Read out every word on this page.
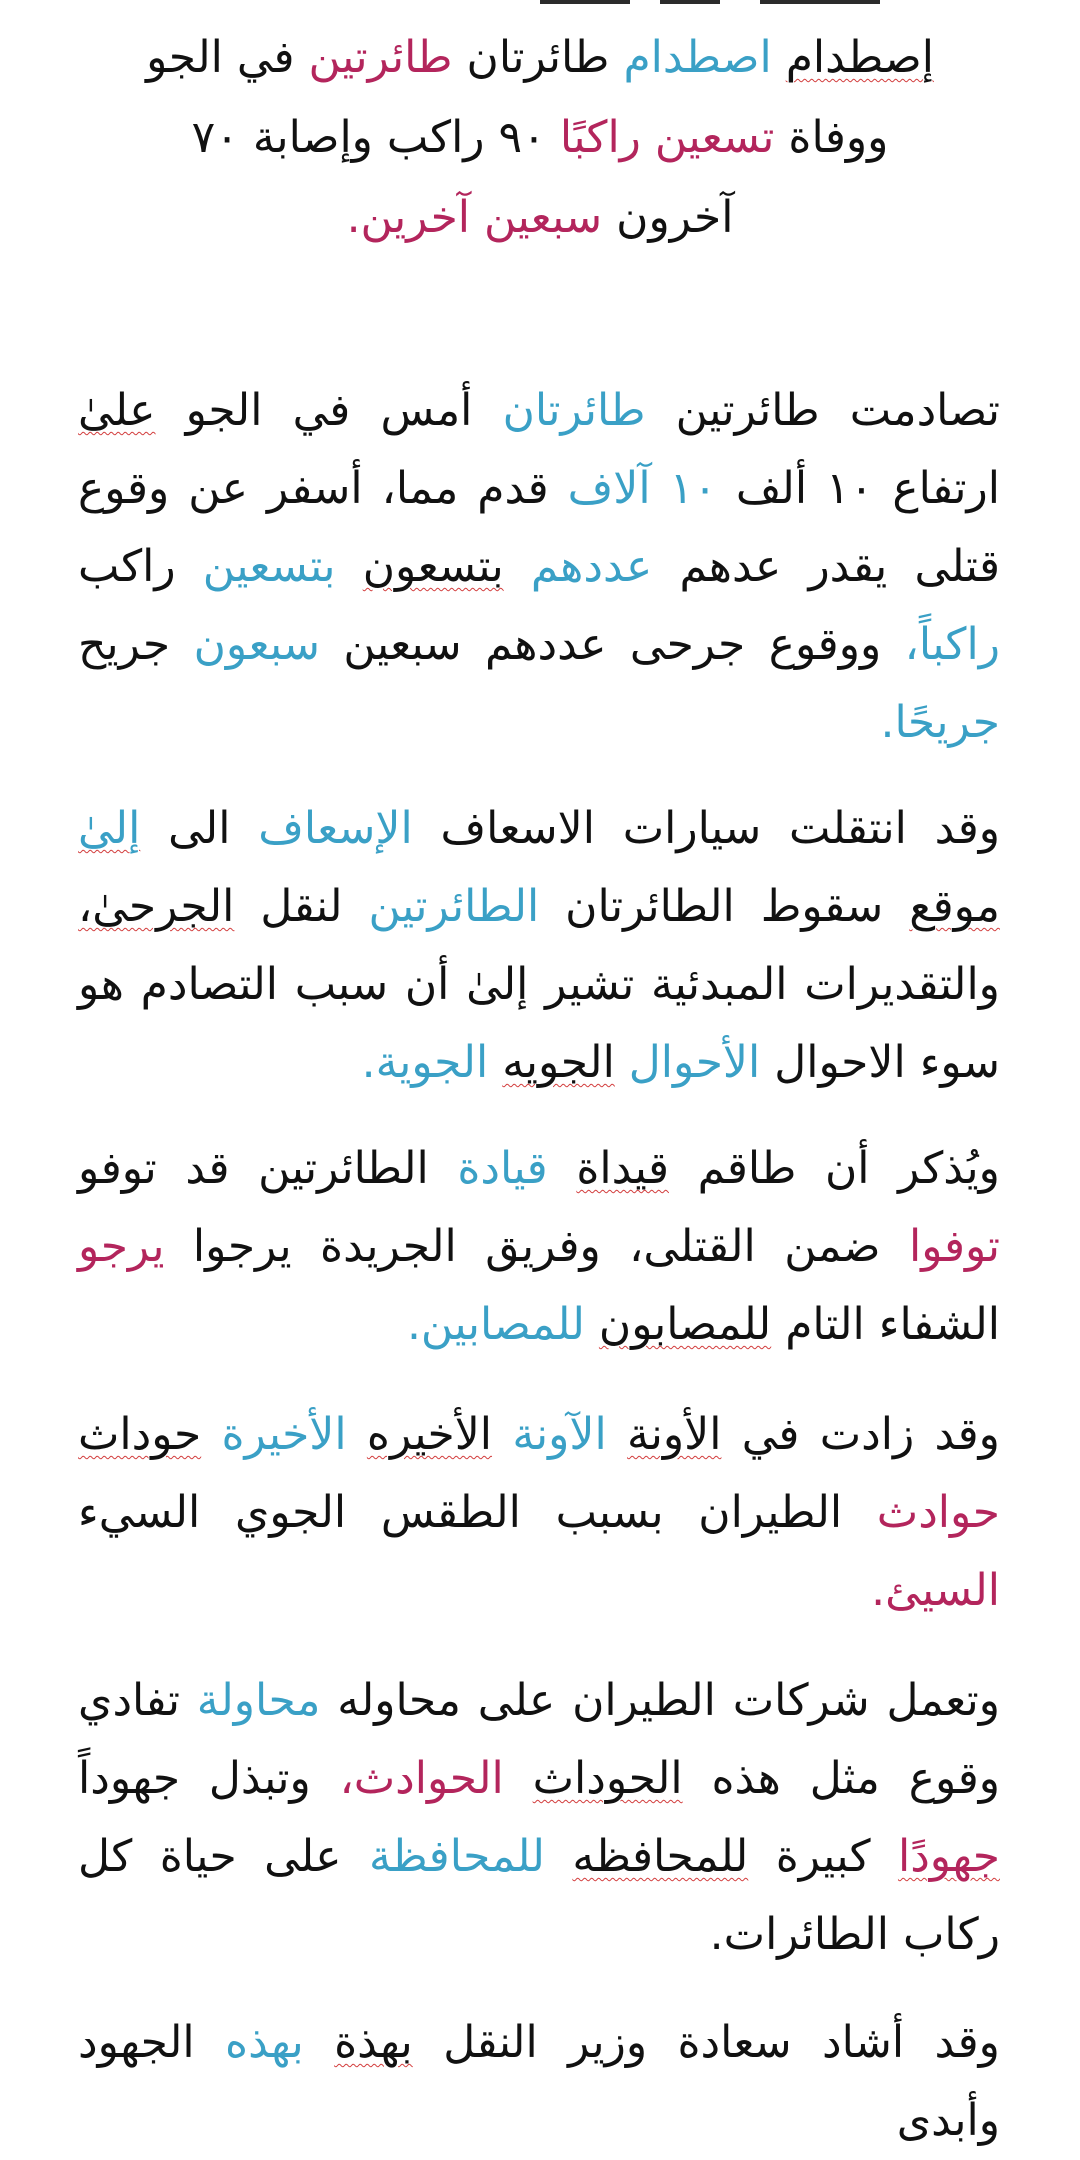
إصطدام اصطدام طائرتان طائرتين في الجو
ووفاة تسعين راكبًا ٩٠ راكب وإصابة ٧٠
آخرون سبعين آخرين.

تصادمت طائرتين طائرتان أمس في الجو علىٰ ارتفاع ١٠ ألف ١٠ آلاف قدم مما، أسفر عن وقوع قتلى يقدر عدهم عددهم بتسعون بتسعين راكب راكباً، ووقوع جرحى عددهم سبعين سبعون جريح جريحًا.

وقد انتقلت سيارات الاسعاف الإسعاف الى إلىٰ موقع سقوط الطائرتان الطائرتين لنقل الجرحىٰ، والتقديرات المبدئية تشير إلىٰ أن سبب التصادم هو سوء الاحوال الأحوال الجويه الجوية.

ويُذكر أن طاقم قيداة قيادة الطائرتين قد توفو توفوا ضمن القتلى، وفريق الجريدة يرجوا يرجو الشفاء التام للمصابون للمصابين.

وقد زادت في الأونة الآونة الأخيره الأخيرة حوداث حوادث الطيران بسبب الطقس الجوي السيء السيئ.

وتعمل شركات الطيران على محاوله محاولة تفادي وقوع مثل هذه الحوداث الحوادث، وتبذل جهوداً جهودًا كبيرة للمحافظه للمحافظة على حياة كل ركاب الطائرات.

وقد أشاد سعادة وزير النقل بهذة بهذه الجهود وأبدى
